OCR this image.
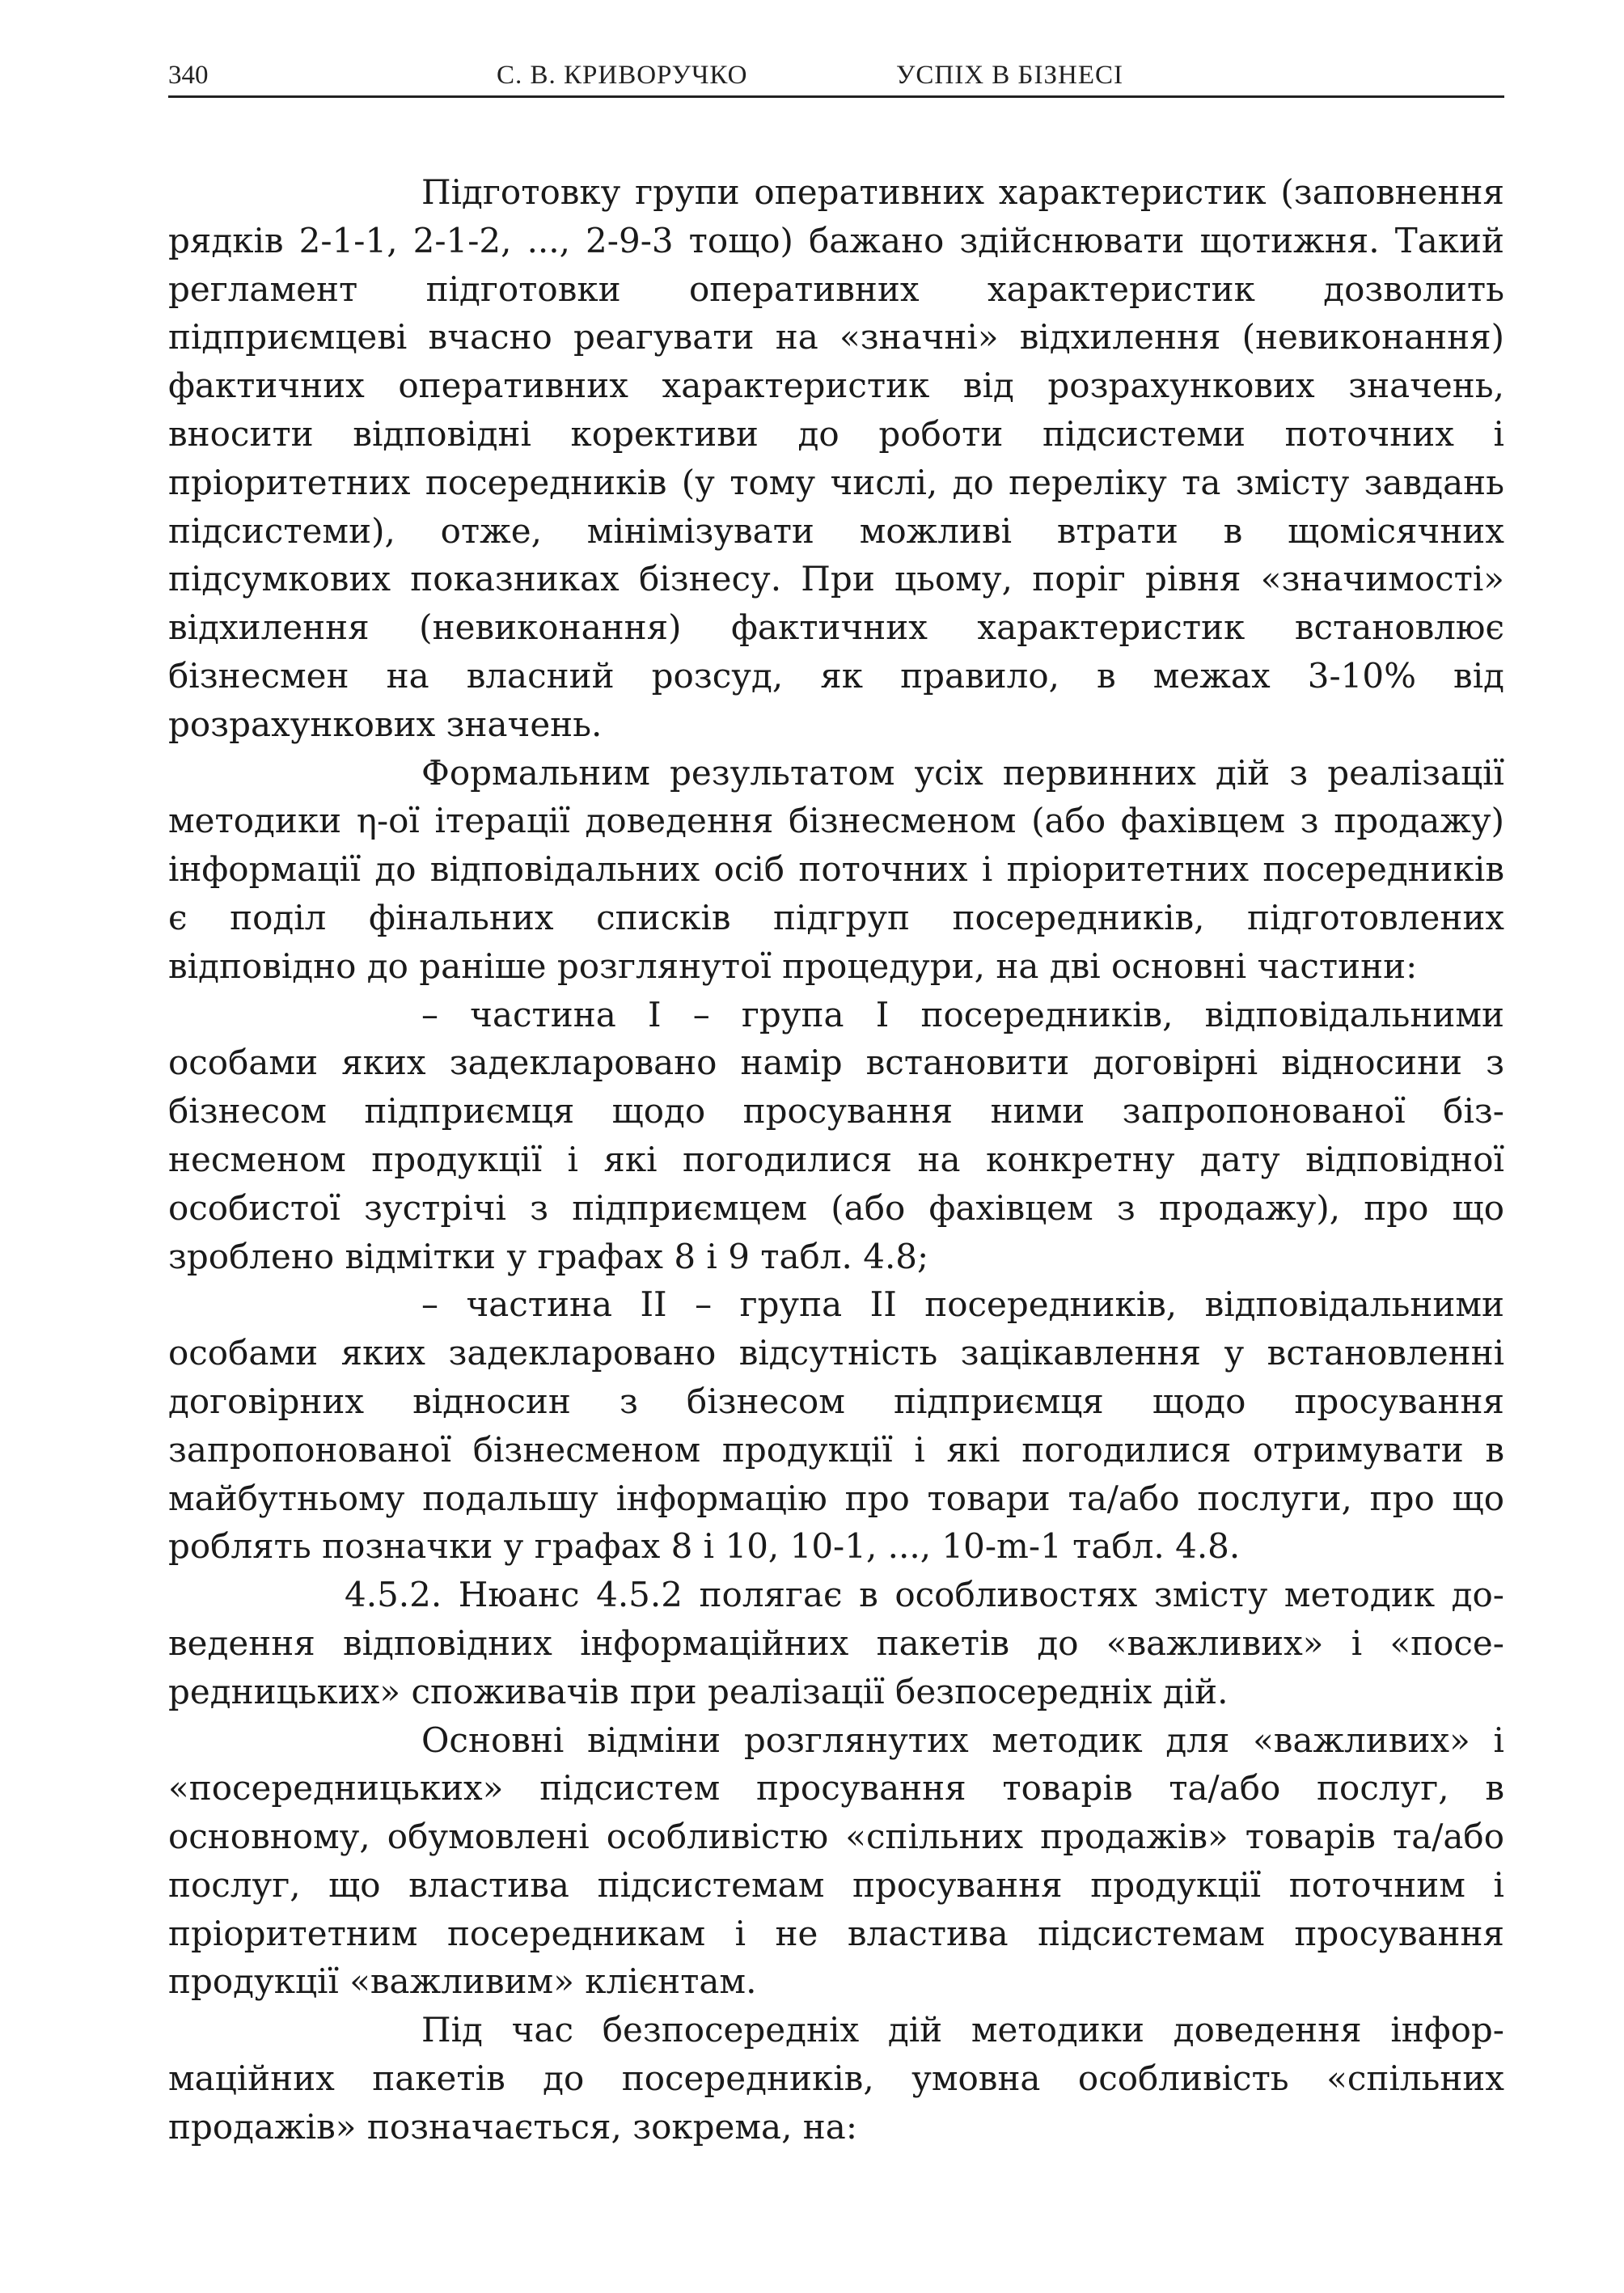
340	С. В. КРИВОРУЧКО	УСПІХ В БІЗНЕСІ

Підготовку групи оперативних характеристик (заповнення рядків 2-1-1, 2-1-2, ..., 2-9-3 тощо) бажано здійснювати щотижня. Такий регламент підготовки оперативних характеристик дозволить підприємцеві вчасно реагувати на «значні» відхилення (невиконання) фактичних оперативних характеристик від розрахункових значень, вносити відповідні корективи до роботи підсистеми поточних і пріоритетних посередників (у тому числі, до переліку та змісту завдань підсистеми), отже, мінімізувати можливі втрати в щомісячних підсумкових показниках бізнесу. При цьому, поріг рівня «значимості» відхилення (невиконання) фактичних характеристик встановлює бізнесмен на власний розсуд, як правило, в межах 3-10% від розрахункових значень.

Формальним результатом усіх первинних дій з реалізації методики η-ої ітерації доведення бізнесменом (або фахівцем з продажу) інформації до відповідальних осіб поточних і пріоритетних посередників є поділ фінальних списків підгруп посередників, підготовлених відповідно до раніше розглянутої процедури, на дві основні частини:

– частина I – група I посередників, відповідальними особами яких задекларовано намір встановити договірні відносини з бізнесом підприємця щодо просування ними запропонованої бізнесменом продукції і які погодилися на конкретну дату відповідної особистої зустрічі з підприємцем (або фахівцем з продажу), про що зроблено відмітки у графах 8 і 9 табл. 4.8;

– частина II – група II посередників, відповідальними особами яких задекларовано відсутність зацікавлення у встановленні договірних відносин з бізнесом підприємця щодо просування запропонованої бізнесменом продукції і які погодилися отримувати в майбутньому подальшу інформацію про товари та/або послуги, про що роблять позначки у графах 8 і 10, 10-1, ..., 10-m-1 табл. 4.8.

4.5.2. Нюанс 4.5.2 полягає в особливостях змісту методик доведення відповідних інформаційних пакетів до «важливих» і «посередницьких» споживачів при реалізації безпосередніх дій.

Основні відміни розглянутих методик для «важливих» і «посередницьких» підсистем просування товарів та/або послуг, в основному, обумовлені особливістю «спільних продажів» товарів та/або послуг, що властива підсистемам просування продукції поточним і пріоритетним посередникам і не властива підсистемам просування продукції «важливим» клієнтам.

Під час безпосередніх дій методики доведення інформаційних пакетів до посередників, умовна особливість «спільних продажів» позначається, зокрема, на:
